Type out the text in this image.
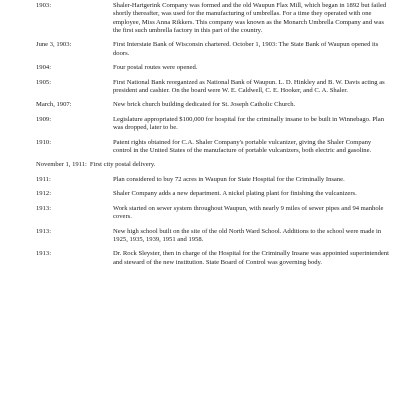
1903:	Shaler-Hartgerink Company was formed and the old Waupun Flax Mill, which began in 1892 but failed shortly thereafter, was used for the manufacturing of umbrellas. For a time they operated with one employee, Miss Anna Rikkers. This company was known as the Monarch Umbrella Company and was the first such umbrella factory in this part of the country.
June 3, 1903:	First Interstate Bank of Wisconsin chartered. October 1, 1903: The State Bank of Waupun opened its doors.
1904:	Four postal routes were opened.
1905:	First National Bank reorganized as National Bank of Waupun. L. D. Hinkley and B. W. Davis acting as president and cashier. On the board were W. E. Caldwell, C. E. Hooker, and C. A. Shaler.
March, 1907:	New brick church building dedicated for St. Joseph Catholic Church.
1909:	Legislature appropriated $100,000 for hospital for the criminally insane to be built in Winnebago. Plan was dropped, later to be.
1910:	Patent rights obtained for C.A. Shaler Company's portable vulcanizer, giving the Shaler Company control in the United States of the manufacture of portable vulcanizers, both electric and gasoline.
November 1, 1911: First city postal delivery.
1911:	Plan considered to buy 72 acres in Waupun for State Hospital for the Criminally Insane.
1912:	Shaler Company adds a new department. A nickel plating plant for finishing the vulcanizers.
1913:	Work started on sewer system throughout Waupun, with nearly 9 miles of sewer pipes and 94 manhole covers.
1913:	New high school built on the site of the old North Ward School. Additions to the school were made in 1925, 1935, 1939, 1951 and 1958.
1913:	Dr. Rock Sleyster, then in charge of the Hospital for the Criminally Insane was appointed superintendent and steward of the new institution. State Board of Control was governing body.
